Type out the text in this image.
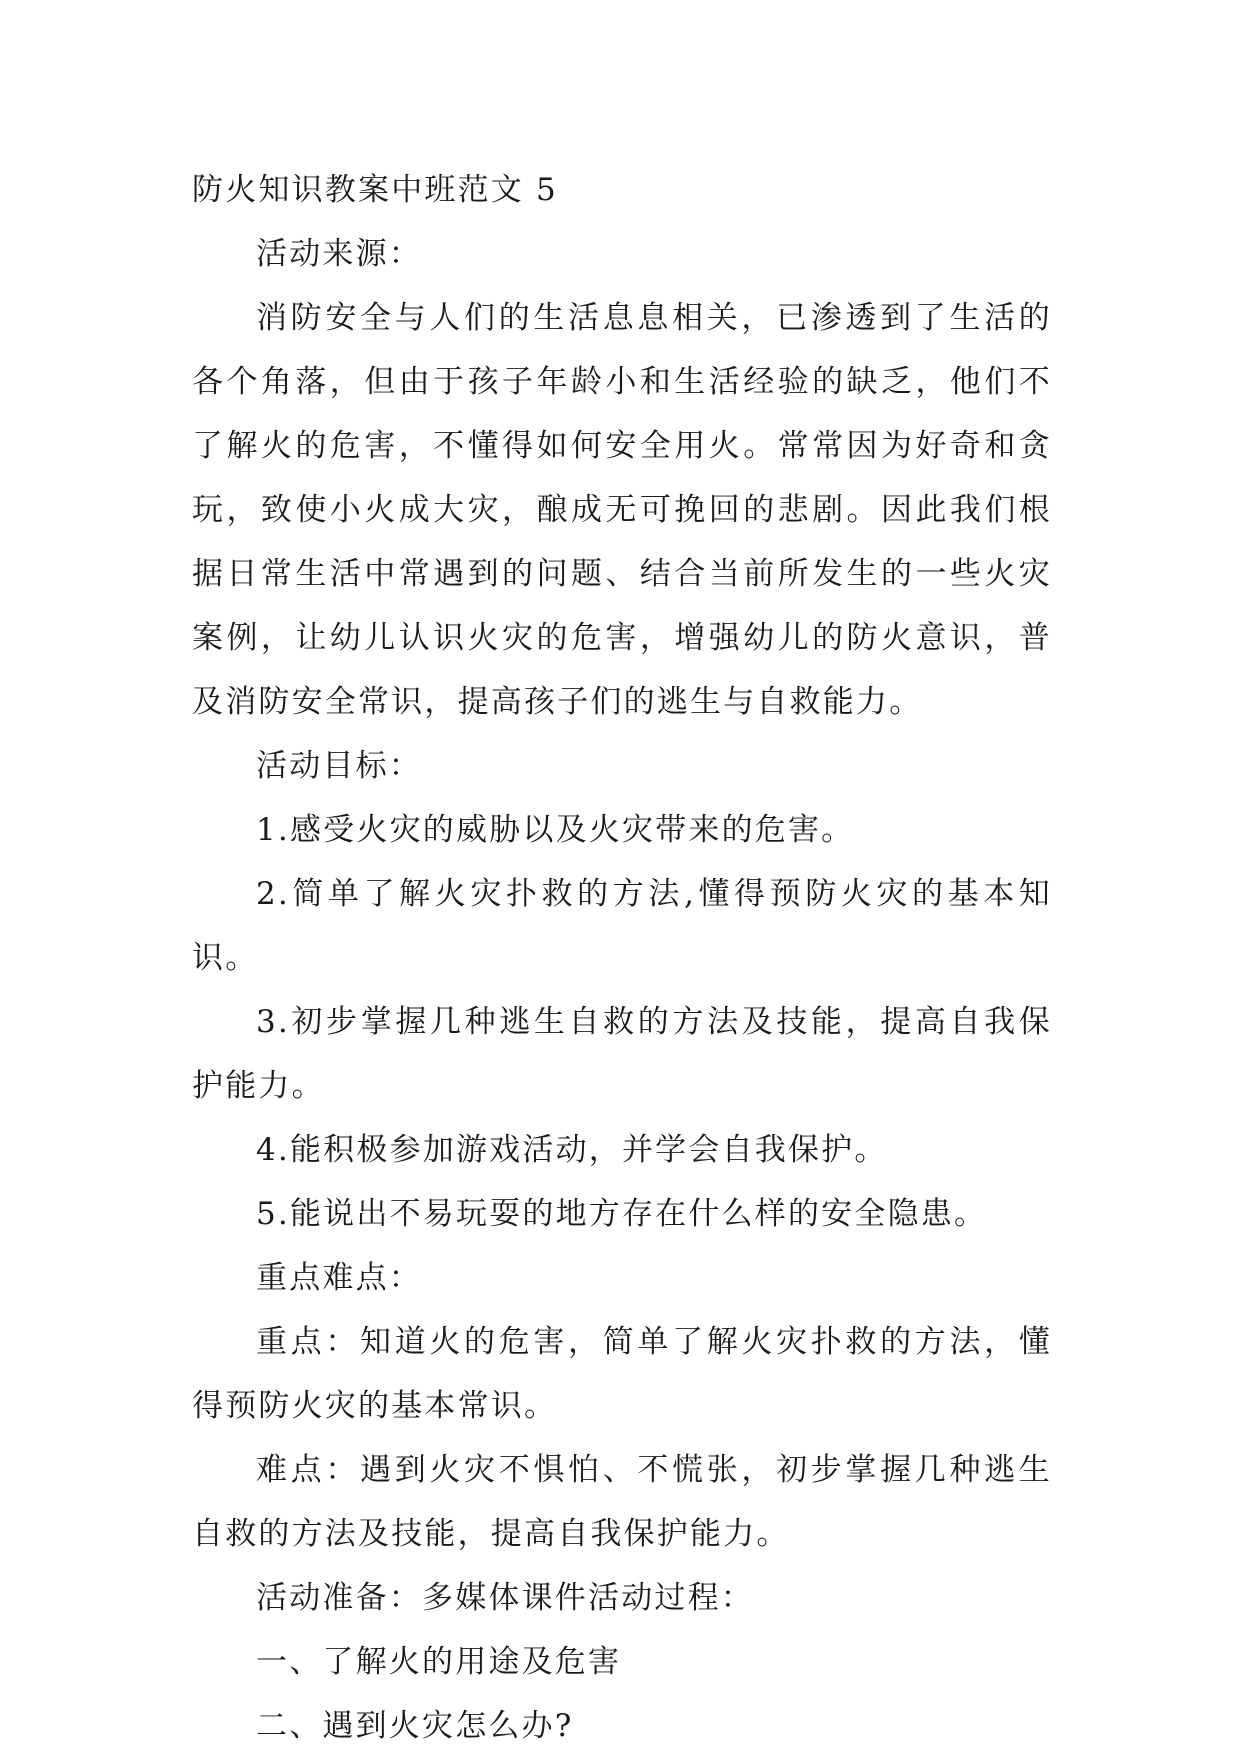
防火知识教案中班范文 5

活动来源：

消防安全与人们的生活息息相关，已渗透到了生活的各个角落，但由于孩子年龄小和生活经验的缺乏，他们不了解火的危害，不懂得如何安全用火。常常因为好奇和贪玩，致使小火成大灾，酿成无可挽回的悲剧。因此我们根据日常生活中常遇到的问题、结合当前所发生的一些火灾案例，让幼儿认识火灾的危害，增强幼儿的防火意识，普及消防安全常识，提高孩子们的逃生与自救能力。

活动目标：

1.感受火灾的威胁以及火灾带来的危害。

2.简单了解火灾扑救的方法,懂得预防火灾的基本知识。

3.初步掌握几种逃生自救的方法及技能，提高自我保护能力。

4.能积极参加游戏活动，并学会自我保护。

5.能说出不易玩耍的地方存在什么样的安全隐患。

重点难点：

重点：知道火的危害，简单了解火灾扑救的方法，懂得预防火灾的基本常识。

难点：遇到火灾不惧怕、不慌张，初步掌握几种逃生自救的方法及技能，提高自我保护能力。

活动准备：多媒体课件活动过程：

一、了解火的用途及危害

二、遇到火灾怎么办?
